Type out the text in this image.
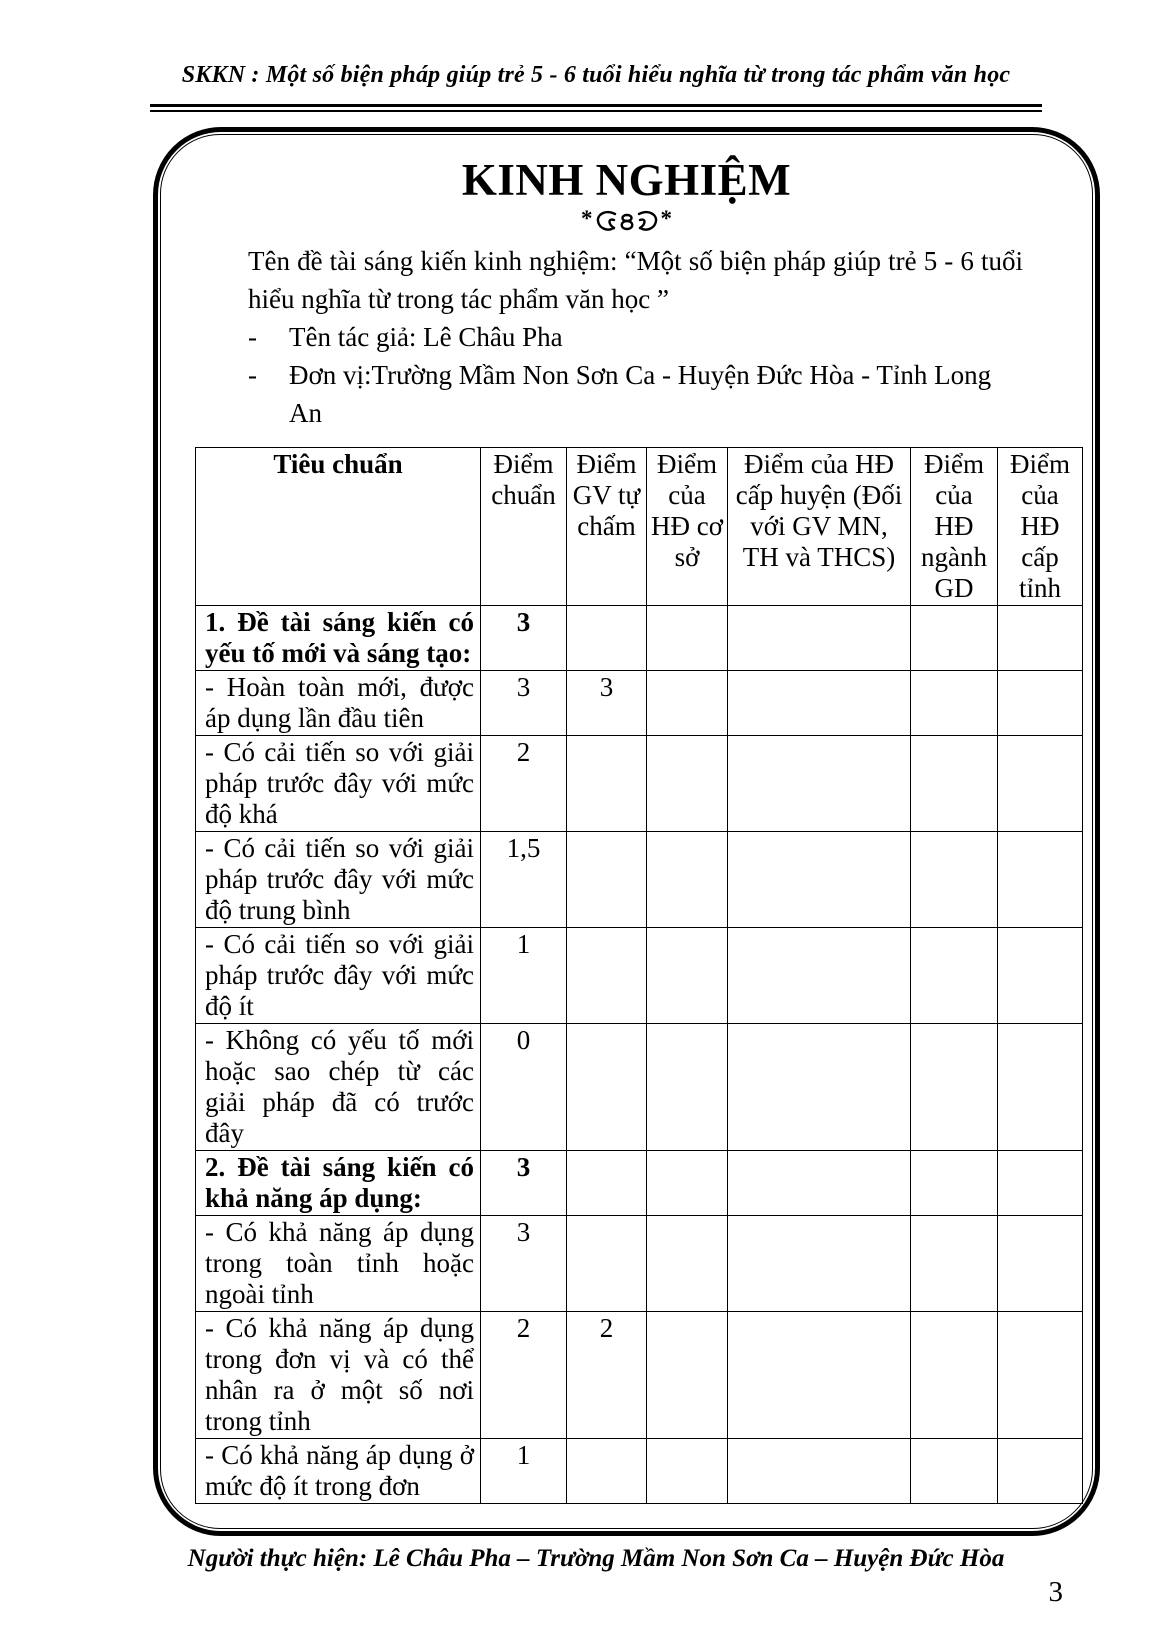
SKKN : Một số biện pháp giúp trẻ 5 - 6 tuổi hiểu nghĩa từ trong tác phẩm văn học
KINH NGHIỆM
*	*

Tên đề tài sáng kiến kinh nghiệm: “Một số biện pháp giúp trẻ 5 - 6 tuổi hiểu nghĩa từ trong tác phẩm văn học ”

-	Tên tác giả: Lê Châu Pha
-	Đơn vị:Trường Mầm Non Sơn Ca - Huyện Đức Hòa - Tỉnh Long An
Tiêu chuẩn	Điểm chuẩn	Điểm GV tự chấm	Điểm của HĐ cơ sở	Điểm của HĐ cấp huyện (Đối với GV MN, TH và THCS)	Điểm của HĐ ngành GD	Điểm của HĐ cấp tỉnh
1. Đề tài sáng kiến có yếu tố mới và sáng tạo:	3					
- Hoàn toàn mới, được áp dụng lần đầu tiên	3	3				
- Có cải tiến so với giải pháp trước đây với mức độ khá	2					
- Có cải tiến so với giải pháp trước đây với mức độ trung bình	1,5					
- Có cải tiến so với giải pháp trước đây với mức độ ít	1					
- Không có yếu tố mới hoặc sao chép từ các giải pháp đã có trước đây	0					
2. Đề tài sáng kiến có khả năng áp dụng:	3					
- Có khả năng áp dụng trong toàn tỉnh hoặc ngoài tỉnh	3					
- Có khả năng áp dụng trong đơn vị và có thể nhân ra ở một số nơi trong tỉnh	2	2				
- Có khả năng áp dụng ở mức độ ít trong đơn	1					
Người thực hiện: Lê Châu Pha – Trường Mầm Non Sơn Ca – Huyện Đức Hòa
3
